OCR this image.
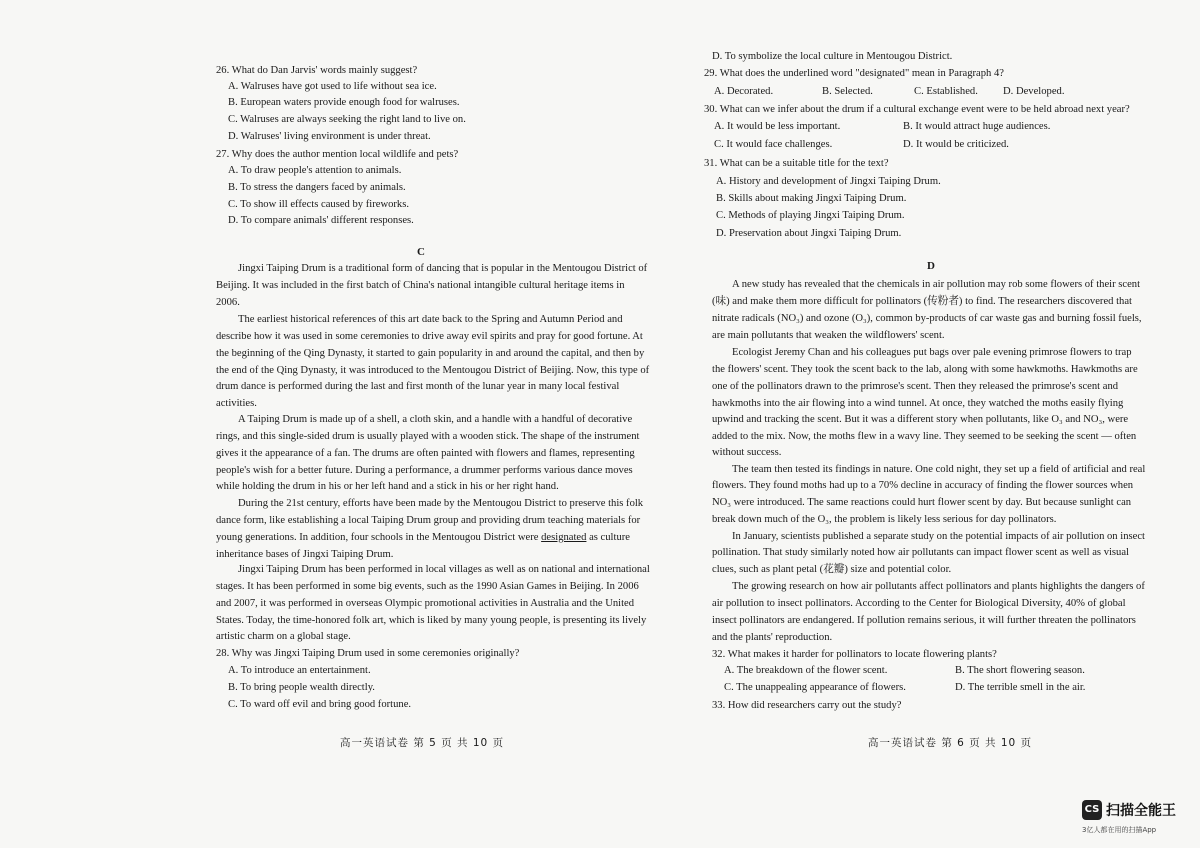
26. What do Dan Jarvis' words mainly suggest?
A. Walruses have got used to life without sea ice.
B. European waters provide enough food for walruses.
C. Walruses are always seeking the right land to live on.
D. Walruses' living environment is under threat.
27. Why does the author mention local wildlife and pets?
A. To draw people's attention to animals.
B. To stress the dangers faced by animals.
C. To show ill effects caused by fireworks.
D. To compare animals' different responses.
C
Jingxi Taiping Drum is a traditional form of dancing that is popular in the Mentougou District of
Beijing. It was included in the first batch of China's national intangible cultural heritage items in
2006.
The earliest historical references of this art date back to the Spring and Autumn Period and
describe how it was used in some ceremonies to drive away evil spirits and pray for good fortune. At
the beginning of the Qing Dynasty, it started to gain popularity in and around the capital, and then by
the end of the Qing Dynasty, it was introduced to the Mentougou District of Beijing. Now, this type of
drum dance is performed during the last and first month of the lunar year in many local festival
activities.
A Taiping Drum is made up of a shell, a cloth skin, and a handle with a handful of decorative
rings, and this single-sided drum is usually played with a wooden stick. The shape of the instrument
gives it the appearance of a fan. The drums are often painted with flowers and flames, representing
people's wish for a better future. During a performance, a drummer performs various dance moves
while holding the drum in his or her left hand and a stick in his or her right hand.
During the 21st century, efforts have been made by the Mentougou District to preserve this folk
dance form, like establishing a local Taiping Drum group and providing drum teaching materials for
young generations. In addition, four schools in the Mentougou District were designated as culture
inheritance bases of Jingxi Taiping Drum.
Jingxi Taiping Drum has been performed in local villages as well as on national and international
stages. It has been performed in some big events, such as the 1990 Asian Games in Beijing. In 2006
and 2007, it was performed in overseas Olympic promotional activities in Australia and the United
States. Today, the time-honored folk art, which is liked by many young people, is presenting its lively
artistic charm on a global stage.
28. Why was Jingxi Taiping Drum used in some ceremonies originally?
A. To introduce an entertainment.
B. To bring people wealth directly.
C. To ward off evil and bring good fortune.
高一英语试卷 第 5 页 共 10 页
D. To symbolize the local culture in Mentougou District.
29. What does the underlined word "designated" mean in Paragraph 4?
A. Decorated.	B. Selected.	C. Established. D. Developed.
30. What can we infer about the drum if a cultural exchange event were to be held abroad next year?
A. It would be less important.	B. It would attract huge audiences.
C. It would face challenges.	D. It would be criticized.
31. What can be a suitable title for the text?
A. History and development of Jingxi Taiping Drum.
B. Skills about making Jingxi Taiping Drum.
C. Methods of playing Jingxi Taiping Drum.
D. Preservation about Jingxi Taiping Drum.
D
A new study has revealed that the chemicals in air pollution may rob some flowers of their scent
(味) and make them more difficult for pollinators (传粉者) to find. The researchers discovered that
nitrate radicals (NO₃) and ozone (O₃), common by-products of car waste gas and burning fossil fuels,
are main pollutants that weaken the wildflowers' scent.
Ecologist Jeremy Chan and his colleagues put bags over pale evening primrose flowers to trap
the flowers' scent. They took the scent back to the lab, along with some hawkmoths. Hawkmoths are
one of the pollinators drawn to the primrose's scent. Then they released the primrose's scent and
hawkmoths into the air flowing into a wind tunnel. At once, they watched the moths easily flying
upwind and tracking the scent. But it was a different story when pollutants, like O₃ and NO₃, were
added to the mix. Now, the moths flew in a wavy line. They seemed to be seeking the scent — often
without success.
The team then tested its findings in nature. One cold night, they set up a field of artificial and real
flowers. They found moths had up to a 70% decline in accuracy of finding the flower sources when
NO₃ were introduced. The same reactions could hurt flower scent by day. But because sunlight can
break down much of the O₃, the problem is likely less serious for day pollinators.
In January, scientists published a separate study on the potential impacts of air pollution on insect
pollination. That study similarly noted how air pollutants can impact flower scent as well as visual
clues, such as plant petal (花瓣) size and potential color.
The growing research on how air pollutants affect pollinators and plants highlights the dangers of
air pollution to insect pollinators. According to the Center for Biological Diversity, 40% of global
insect pollinators are endangered. If pollution remains serious, it will further threaten the pollinators
and the plants' reproduction.
32. What makes it harder for pollinators to locate flowering plants?
A. The breakdown of the flower scent.	B. The short flowering season.
C. The unappealing appearance of flowers.	D. The terrible smell in the air.
33. How did researchers carry out the study?
高一英语试卷 第 6 页 共 10 页
CS 扫描全能王
3亿人都在用的扫描App
